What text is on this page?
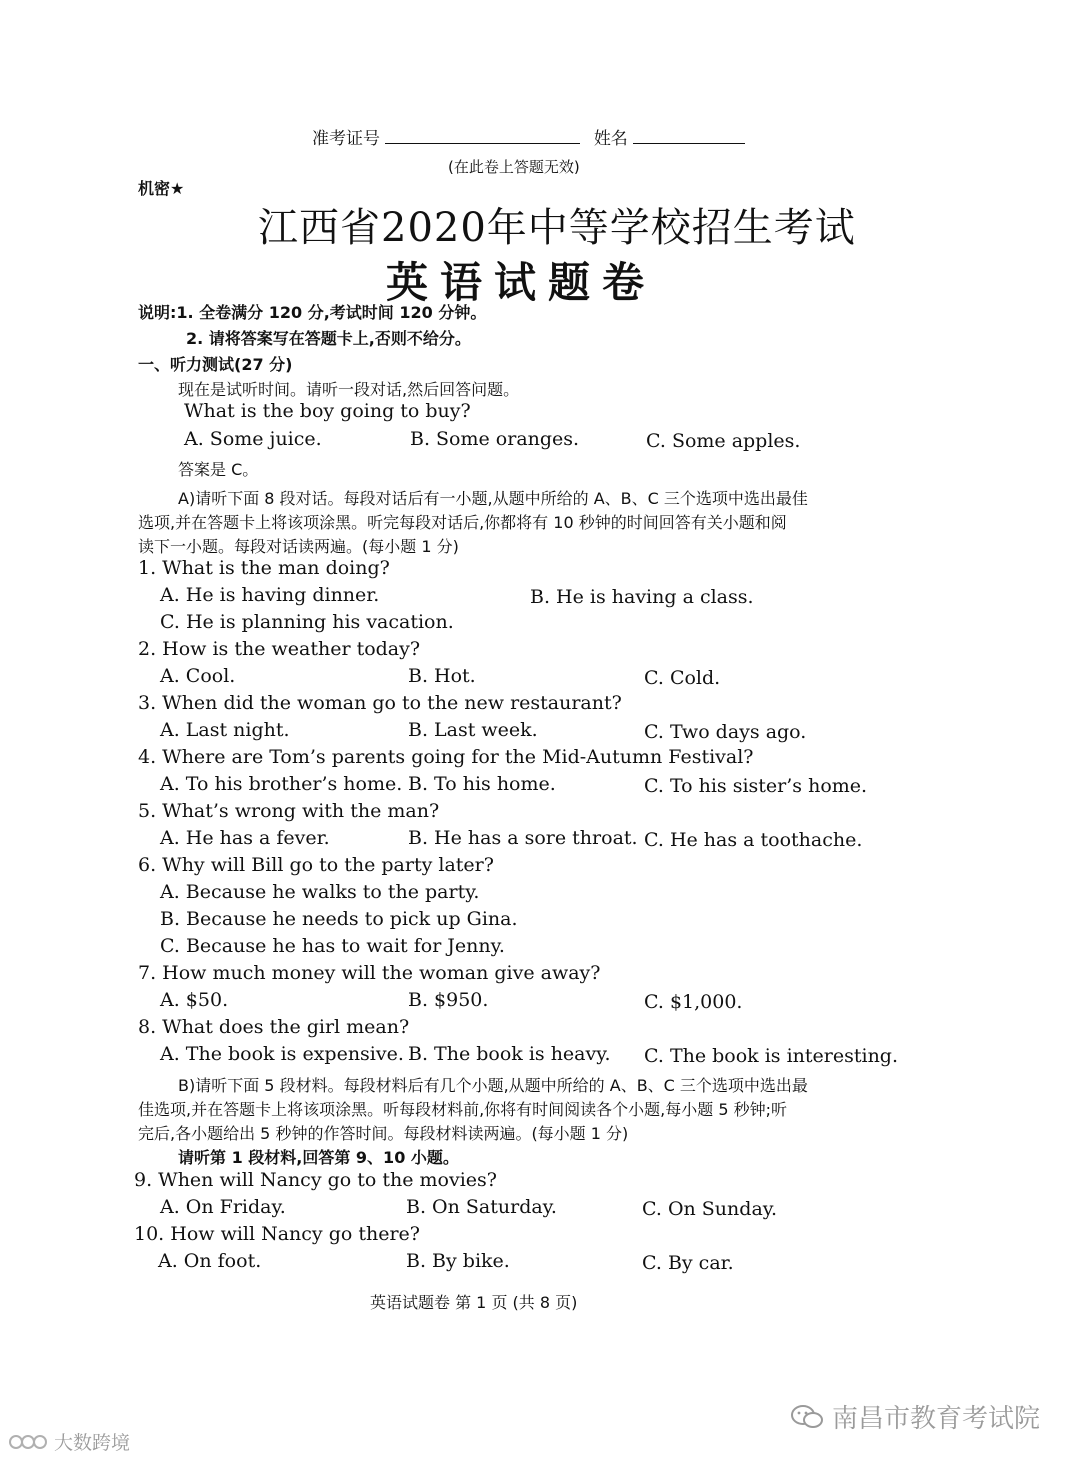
准考证号	姓名
(在此卷上答题无效)
机密★
江西省2020年中等学校招生考试
英语试题卷
说明:1. 全卷满分 120 分,考试时间 120 分钟。
2. 请将答案写在答题卡上,否则不给分。
一、听力测试(27 分)
现在是试听时间。请听一段对话,然后回答问题。
What is the boy going to buy?
A. Some juice.	B. Some oranges.	C. Some apples.
答案是 C。
A)请听下面 8 段对话。每段对话后有一小题,从题中所给的 A、B、C 三个选项中选出最佳
选项,并在答题卡上将该项涂黑。听完每段对话后,你都将有 10 秒钟的时间回答有关小题和阅
读下一小题。每段对话读两遍。(每小题 1 分)
1. What is the man doing?
A. He is having dinner.	B. He is having a class.
C. He is planning his vacation.
2. How is the weather today?
A. Cool.	B. Hot.	C. Cold.
3. When did the woman go to the new restaurant?
A. Last night.	B. Last week.	C. Two days ago.
4. Where are Tom’s parents going for the Mid-Autumn Festival?
A. To his brother’s home. B. To his home.	C. To his sister’s home.
5. What’s wrong with the man?
A. He has a fever.	B. He has a sore throat. C. He has a toothache.
6. Why will Bill go to the party later?
A. Because he walks to the party.
B. Because he needs to pick up Gina.
C. Because he has to wait for Jenny.
7. How much money will the woman give away?
A. $50.	B. $950.	C. $1,000.
8. What does the girl mean?
A. The book is expensive. B. The book is heavy. C. The book is interesting.
B)请听下面 5 段材料。每段材料后有几个小题,从题中所给的 A、B、C 三个选项中选出最
佳选项,并在答题卡上将该项涂黑。听每段材料前,你将有时间阅读各个小题,每小题 5 秒钟;听
完后,各小题给出 5 秒钟的作答时间。每段材料读两遍。(每小题 1 分)
请听第 1 段材料,回答第 9、10 小题。
9. When will Nancy go to the movies?
A. On Friday.	B. On Saturday.	C. On Sunday.
10. How will Nancy go there?
A. On foot.	B. By bike.	C. By car.
英语试题卷 第 1 页 (共 8 页)
大数跨境
南昌市教育考试院
